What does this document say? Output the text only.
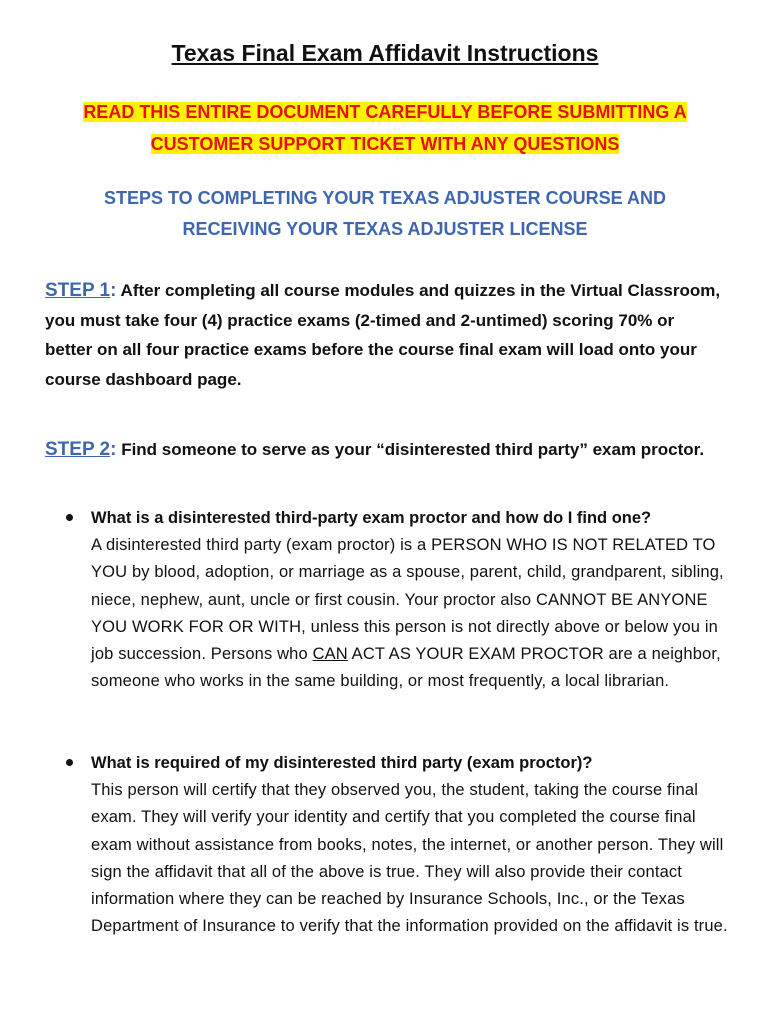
Texas Final Exam Affidavit Instructions
READ THIS ENTIRE DOCUMENT CAREFULLY BEFORE SUBMITTING A
CUSTOMER SUPPORT TICKET WITH ANY QUESTIONS
STEPS TO COMPLETING YOUR TEXAS ADJUSTER COURSE AND
RECEIVING YOUR TEXAS ADJUSTER LICENSE
STEP 1: After completing all course modules and quizzes in the Virtual Classroom, you must take four (4) practice exams (2-timed and 2-untimed) scoring 70% or better on all four practice exams before the course final exam will load onto your course dashboard page.
STEP 2: Find someone to serve as your “disinterested third party” exam proctor.
What is a disinterested third-party exam proctor and how do I find one?
A disinterested third party (exam proctor) is a PERSON WHO IS NOT RELATED TO YOU by blood, adoption, or marriage as a spouse, parent, child, grandparent, sibling, niece, nephew, aunt, uncle or first cousin. Your proctor also CANNOT BE ANYONE YOU WORK FOR OR WITH, unless this person is not directly above or below you in job succession. Persons who CAN ACT AS YOUR EXAM PROCTOR are a neighbor, someone who works in the same building, or most frequently, a local librarian.
What is required of my disinterested third party (exam proctor)?
This person will certify that they observed you, the student, taking the course final exam. They will verify your identity and certify that you completed the course final exam without assistance from books, notes, the internet, or another person. They will sign the affidavit that all of the above is true. They will also provide their contact information where they can be reached by Insurance Schools, Inc., or the Texas Department of Insurance to verify that the information provided on the affidavit is true.
